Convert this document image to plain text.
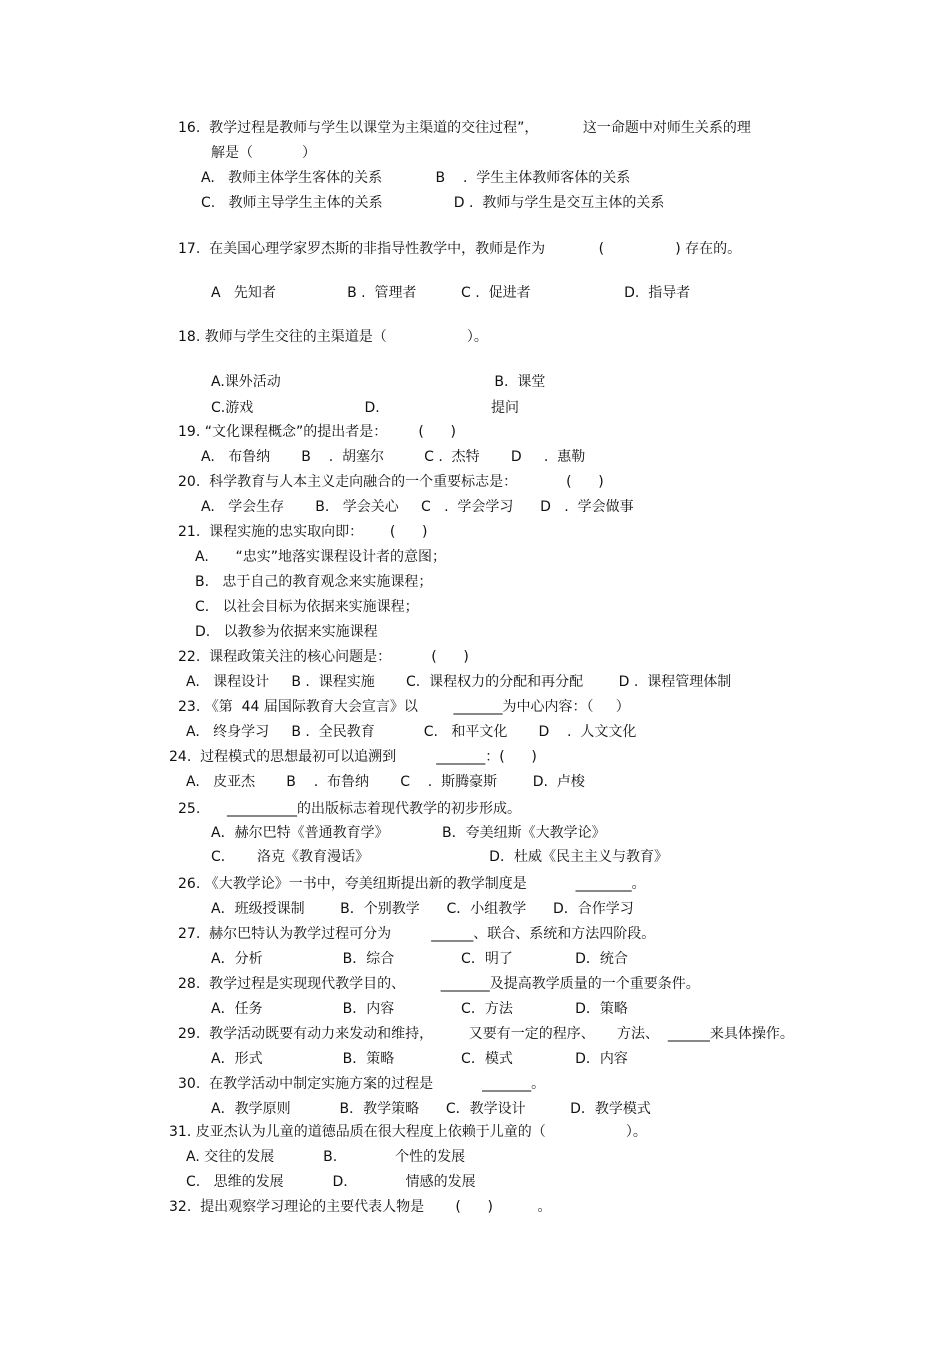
16.  教学过程是教师与学生以课堂为主渠道的交往过程”，          这一命题中对师生关系的理
解是（           ）
A.   教师主体学生客体的关系            B    .  学生主体教师客体的关系
C.   教师主导学生主体的关系                D .  教师与学生是交互主体的关系
17.  在美国心理学家罗杰斯的非指导性教学中，教师是作为            (                ) 存在的。
A   先知者                B .  管理者          C .  促进者                     D.  指导者
18. 教师与学生交往的主渠道是（                  ）。
A.课外活动                                                B.  课堂
C.游戏                         D.                         提问
19. “文化课程概念”的提出者是：       (      )
A.   布鲁纳       B    .  胡塞尔         C .  杰特       D     .  惠勒
20.  科学教育与人本主义走向融合的一个重要标志是：           (      )
A.   学会生存       B.   学会关心     C   .  学会学习      D   .  学会做事
21.  课程实施的忠实取向即：      (      )
A.      “忠实”地落实课程设计者的意图；
B.   忠于自己的教育观念来实施课程；
C.   以社会目标为依据来实施课程；
D.   以教参为依据来实施课程
22.  课程政策关注的核心问题是：         (      )
A.   课程设计     B .  课程实施       C.  课程权力的分配和再分配        D .  课程管理体制
23. 《第  44 届国际教育大会宣言》以        _______为中心内容：（     ）
A.   终身学习     B .  全民教育           C.   和平文化       D    .  人文文化
24.  过程模式的思想最初可以追溯到         _______：(      )
A.   皮亚杰       B    .  布鲁纳       C    .  斯腾豪斯        D.  卢梭
25.      __________的出版标志着现代教学的初步形成。
A．赫尔巴特《普通教育学》            B．夸美纽斯《大教学论》
C．     洛克《教育漫话》                           D．杜威《民主主义与教育》
26. 《大教学论》一书中，夸美纽斯提出新的教学制度是           ________。
A．班级授课制        B．个别教学      C．小组教学      D．合作学习
27.  赫尔巴特认为教学过程可分为         ______、联合、系统和方法四阶段。
A．分析                  B．综合               C．明了              D．统合
28.  教学过程是实现现代教学目的、        _______及提高教学质量的一个重要条件。
A．任务                  B．内容               C．方法              D．策略
29.  教学活动既要有动力来发动和维持，        又要有一定的程序、     方法、  ______来具体操作。
A．形式                  B．策略               C．模式              D．内容
30.  在教学活动中制定实施方案的过程是           _______。
A．教学原则           B．教学策略      C．教学设计          D．教学模式
31. 皮亚杰认为儿童的道德品质在很大程度上依赖于儿童的（                  ）。
A. 交往的发展           B.             个性的发展
C.   思维的发展           D.             情感的发展
32.  提出观察学习理论的主要代表人物是       (      )          。
